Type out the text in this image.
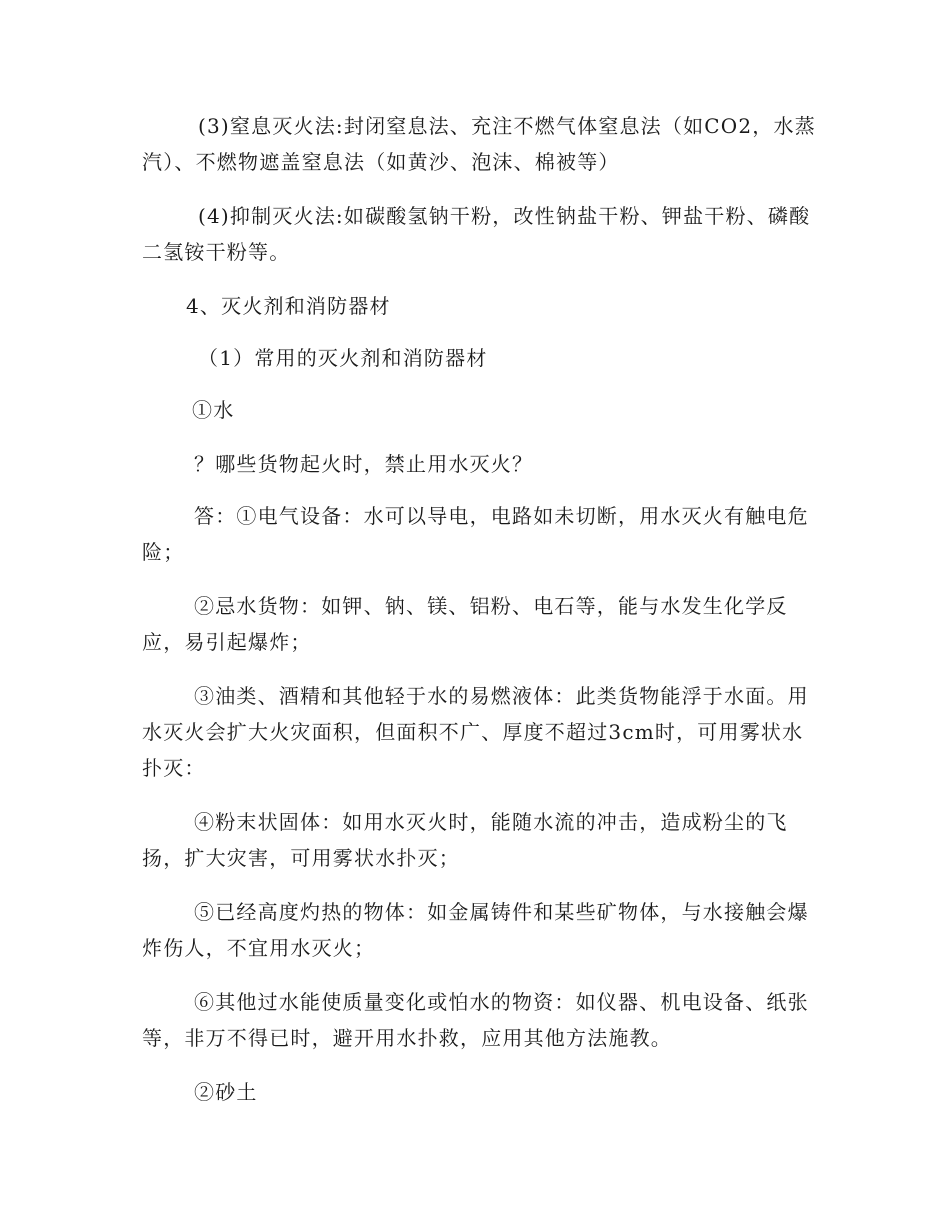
(3)窒息灭火法:封闭窒息法、充注不燃气体窒息法（如CO2，水蒸汽）、不燃物遮盖窒息法（如黄沙、泡沫、棉被等）

(4)抑制灭火法:如碳酸氢钠干粉，改性钠盐干粉、钾盐干粉、磷酸二氢铵干粉等。

4、灭火剂和消防器材

（1）常用的灭火剂和消防器材

①水

？哪些货物起火时，禁止用水灭火？

答：①电气设备：水可以导电，电路如未切断，用水灭火有触电危险；

②忌水货物：如钾、钠、镁、铝粉、电石等，能与水发生化学反应，易引起爆炸；

③油类、酒精和其他轻于水的易燃液体：此类货物能浮于水面。用水灭火会扩大火灾面积，但面积不广、厚度不超过3cm时，可用雾状水扑灭：

④粉末状固体：如用水灭火时，能随水流的冲击，造成粉尘的飞扬，扩大灾害，可用雾状水扑灭；

⑤已经高度灼热的物体：如金属铸件和某些矿物体，与水接触会爆炸伤人，不宜用水灭火；

⑥其他过水能使质量变化或怕水的物资：如仪器、机电设备、纸张等，非万不得已时，避开用水扑救，应用其他方法施教。

②砂土
